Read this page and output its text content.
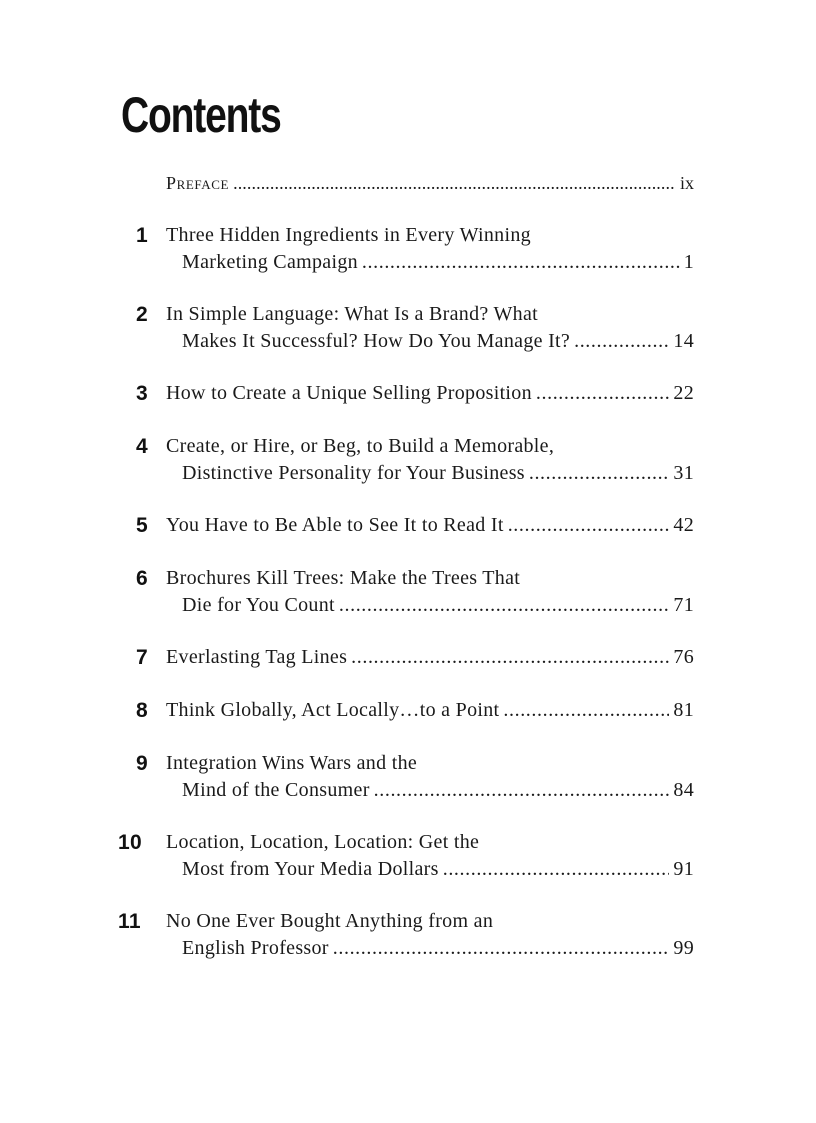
Contents
Preface . . .	ix
1 Three Hidden Ingredients in Every Winning
Marketing Campaign . . .	1
2 In Simple Language: What Is a Brand? What
Makes It Successful? How Do You Manage It? . . .	14
3 How to Create a Unique Selling Proposition . . .	22
4 Create, or Hire, or Beg, to Build a Memorable,
Distinctive Personality for Your Business . . .	31
5 You Have to Be Able to See It to Read It . . .	42
6 Brochures Kill Trees: Make the Trees That
Die for You Count . . .	71
7 Everlasting Tag Lines . . .	76
8 Think Globally, Act Locally…to a Point . . .	81
9 Integration Wins Wars and the
Mind of the Consumer . . .	84
10	Location, Location, Location: Get the
Most from Your Media Dollars . . .	91
11	No One Ever Bought Anything from an
English Professor . . .	99
